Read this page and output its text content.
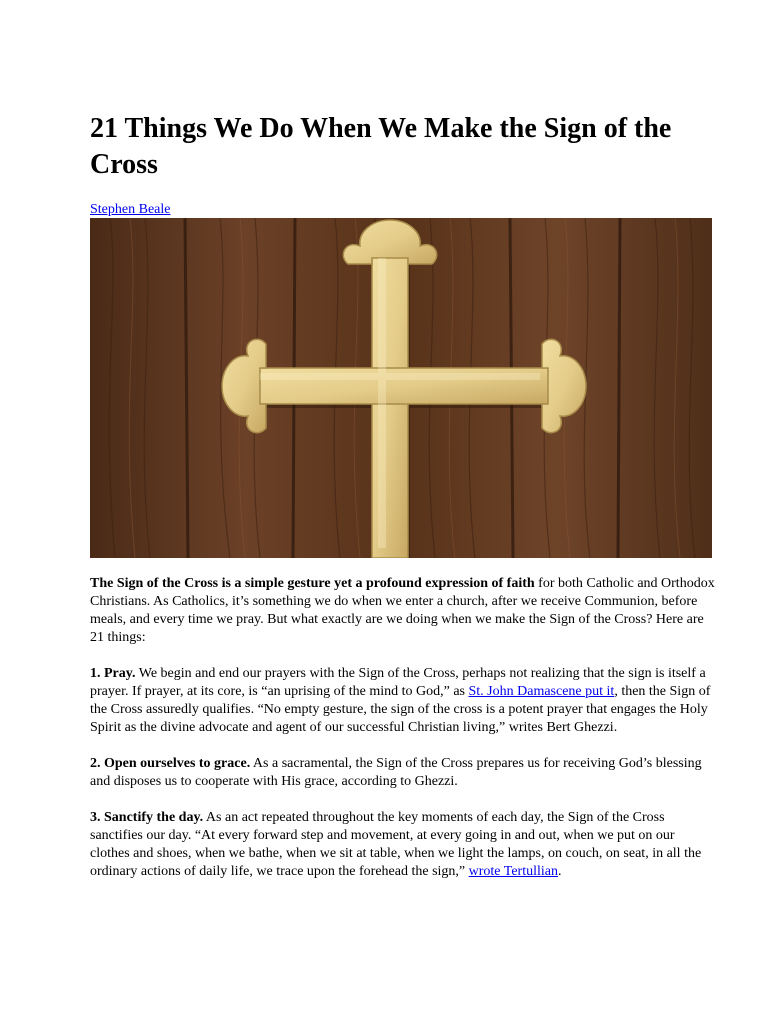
21 Things We Do When We Make the Sign of the Cross
Stephen Beale

The Sign of the Cross is a simple gesture yet a profound expression of faith for both Catholic and Orthodox Christians. As Catholics, it’s something we do when we enter a church, after we receive Communion, before meals, and every time we pray. But what exactly are we doing when we make the Sign of the Cross? Here are 21 things:

1. Pray. We begin and end our prayers with the Sign of the Cross, perhaps not realizing that the sign is itself a prayer. If prayer, at its core, is “an uprising of the mind to God,” as St. John Damascene put it, then the Sign of the Cross assuredly qualifies. “No empty gesture, the sign of the cross is a potent prayer that engages the Holy Spirit as the divine advocate and agent of our successful Christian living,” writes Bert Ghezzi.

2. Open ourselves to grace. As a sacramental, the Sign of the Cross prepares us for receiving God’s blessing and disposes us to cooperate with His grace, according to Ghezzi.

3. Sanctify the day. As an act repeated throughout the key moments of each day, the Sign of the Cross sanctifies our day. “At every forward step and movement, at every going in and out, when we put on our clothes and shoes, when we bathe, when we sit at table, when we light the lamps, on couch, on seat, in all the ordinary actions of daily life, we trace upon the forehead the sign,” wrote Tertullian.
